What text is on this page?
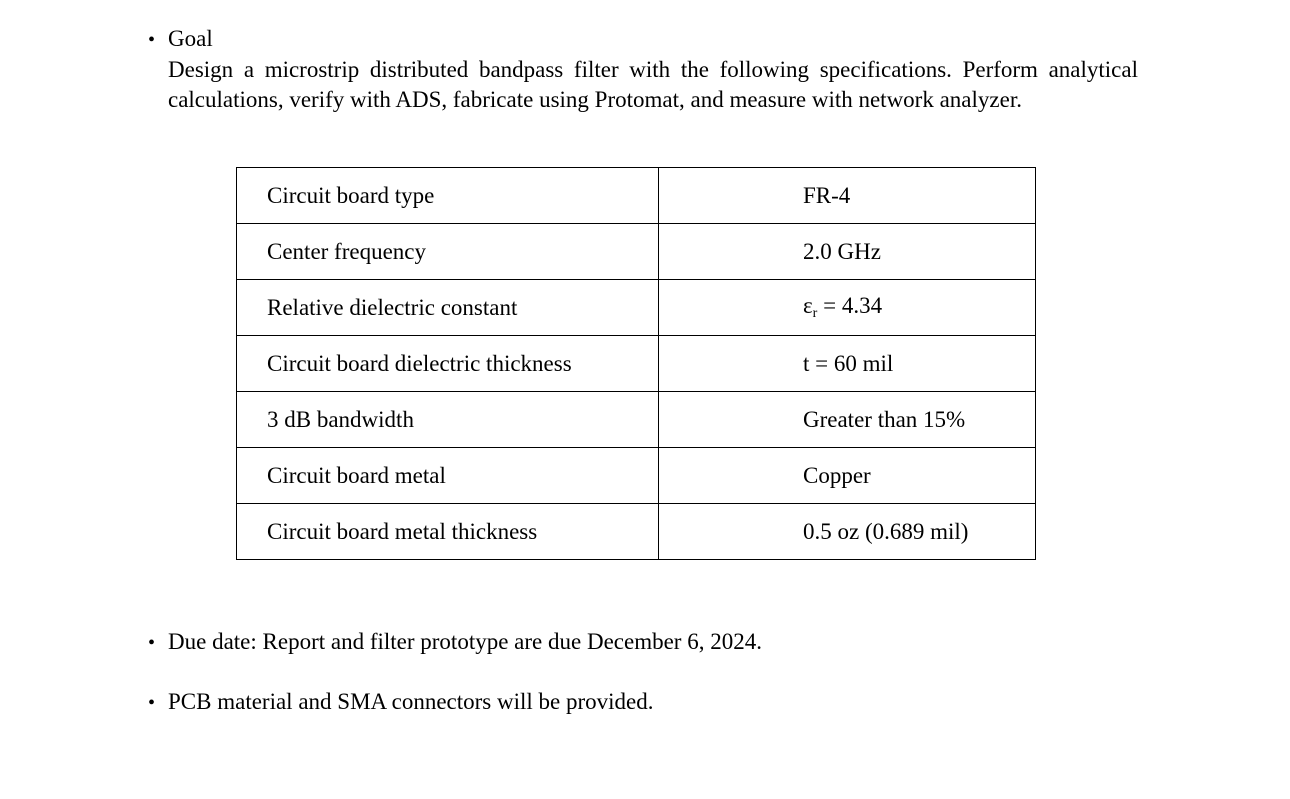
• Goal
Design a microstrip distributed bandpass filter with the following specifications. Perform analytical calculations, verify with ADS, fabricate using Protomat, and measure with network analyzer.
Circuit board type	FR-4
Center frequency	2.0 GHz
Relative dielectric constant	$\varepsilon_r = 4.34$
Circuit board dielectric thickness	t = 60 mil
3 dB bandwidth	Greater than 15%
Circuit board metal	Copper
Circuit board metal thickness	0.5 oz (0.689 mil)
• Due date: Report and filter prototype are due December 6, 2024.
• PCB material and SMA connectors will be provided.
